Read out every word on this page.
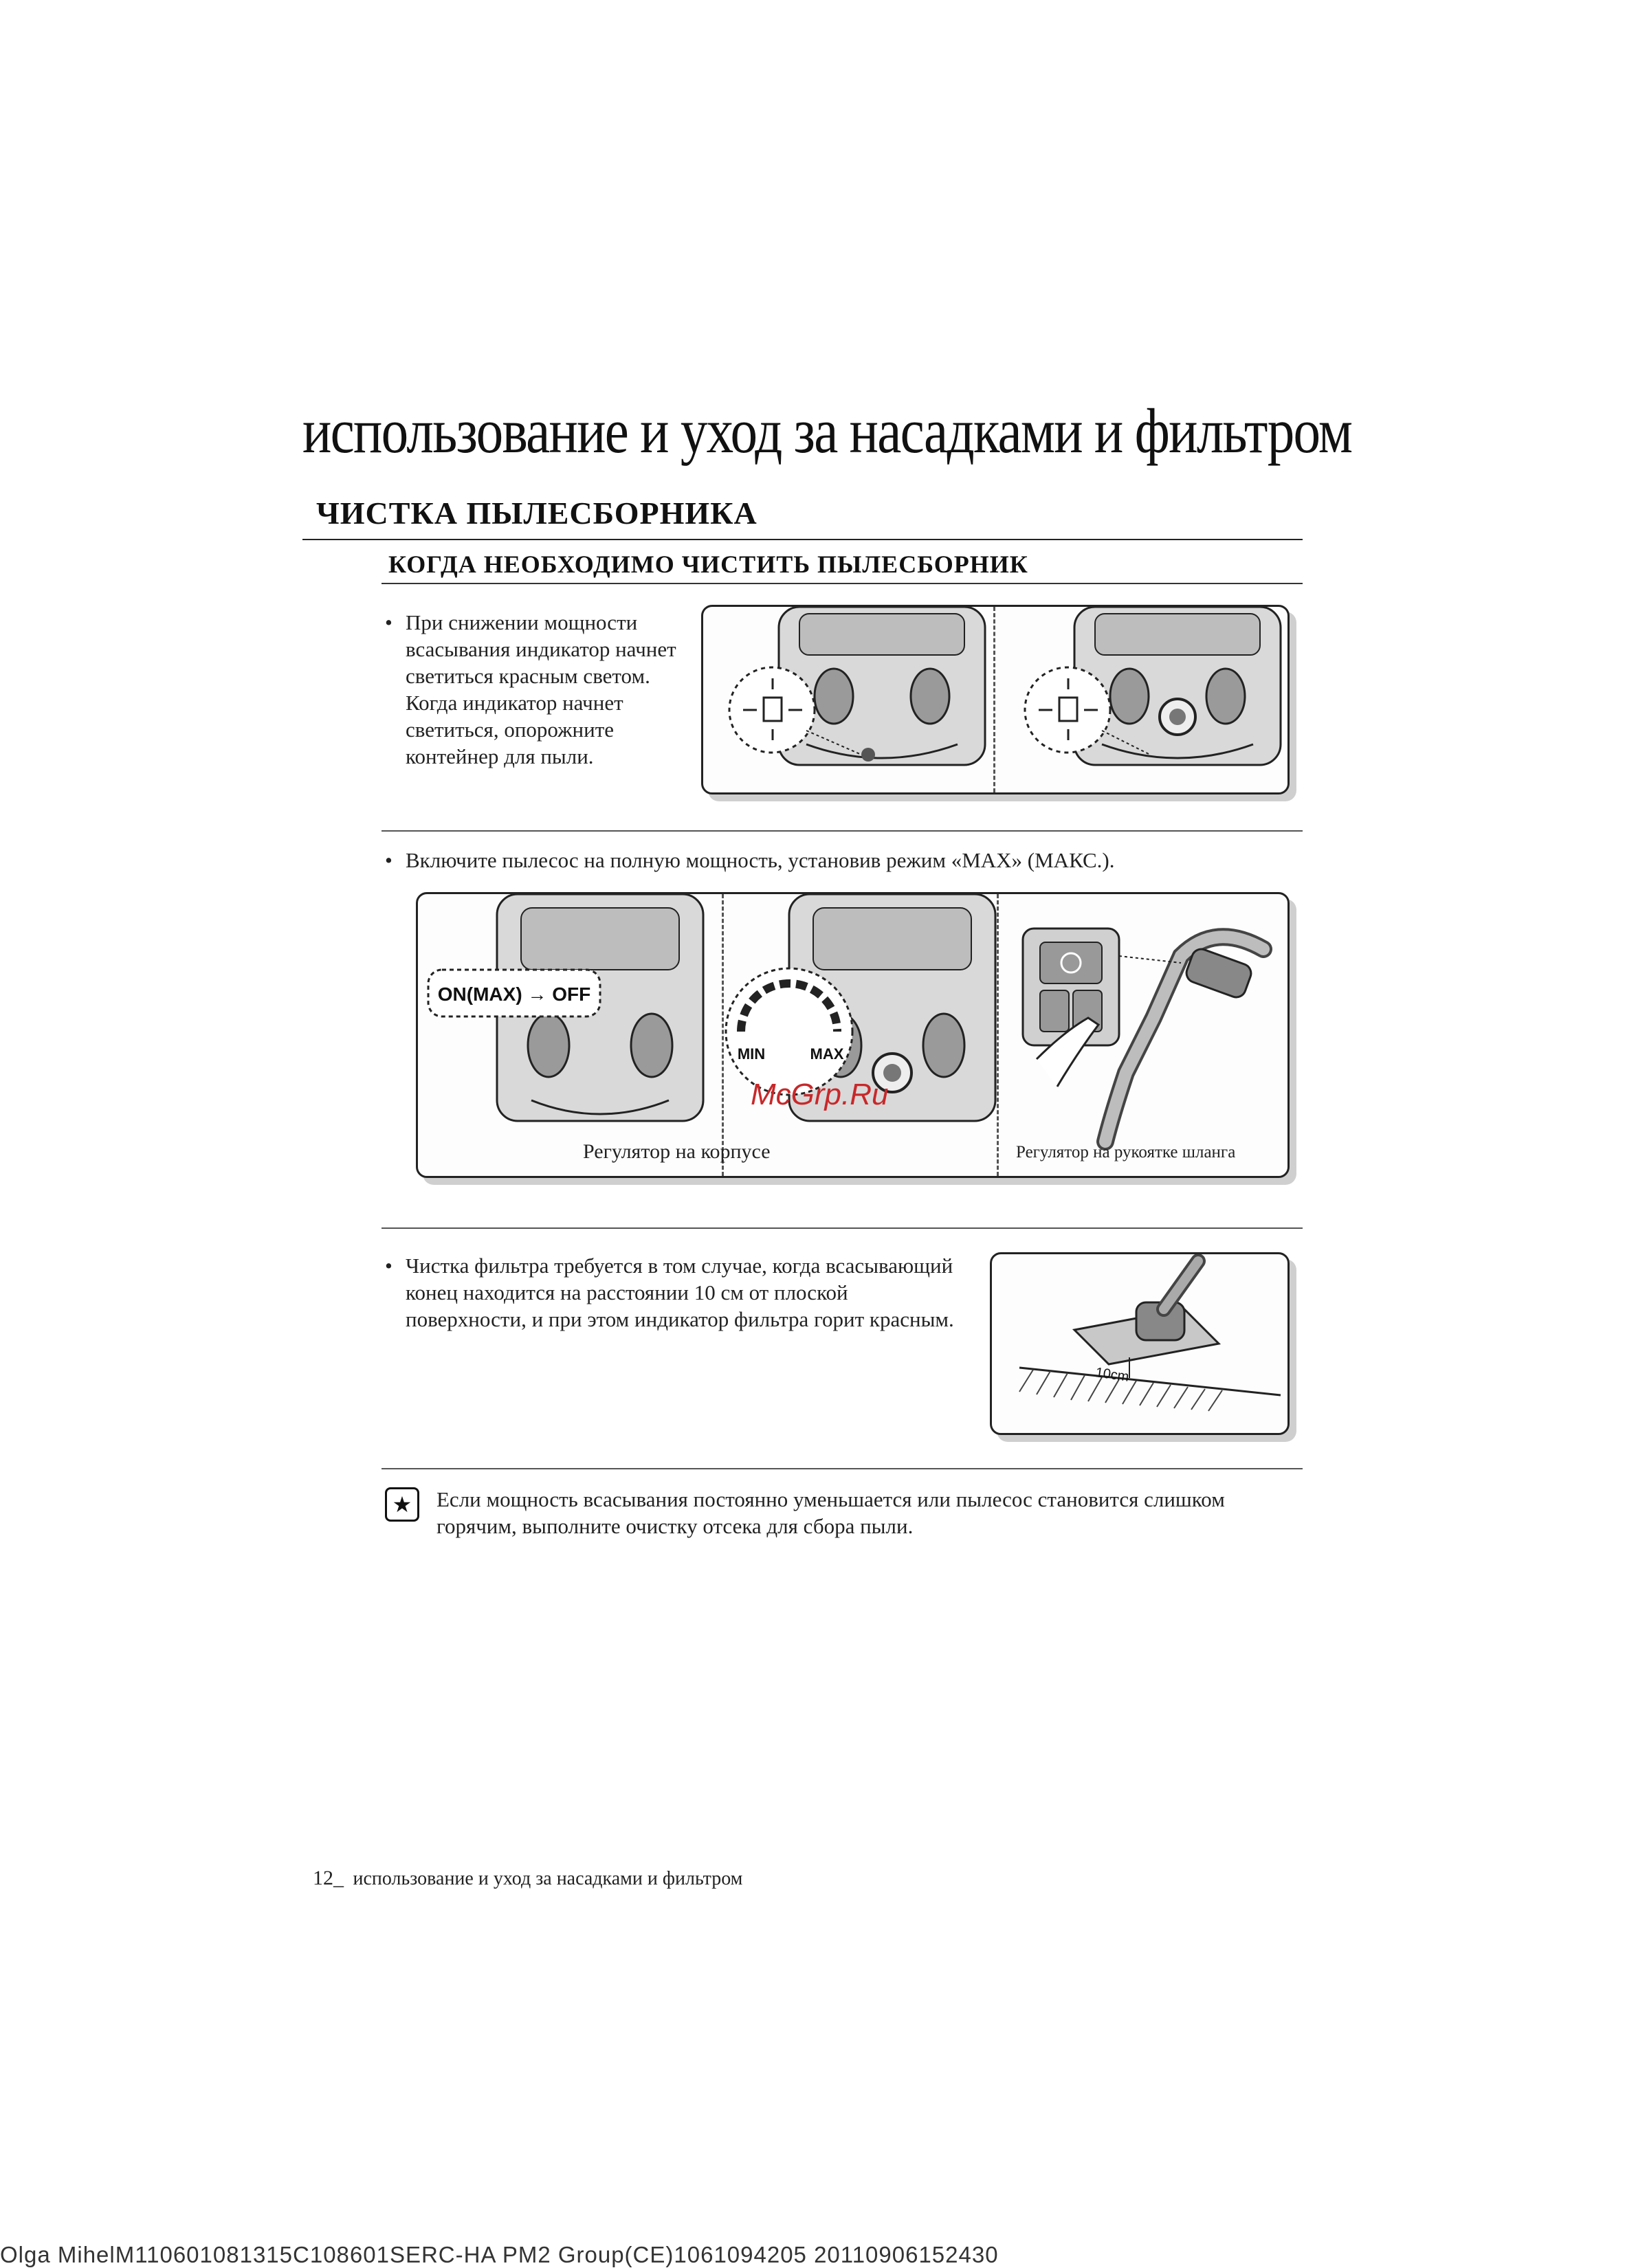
использование и уход за насадками и фильтром
ЧИСТКА ПЫЛЕСБОРНИКА
КОГДА НЕОБХОДИМО ЧИСТИТЬ ПЫЛЕСБОРНИК
• При снижении мощности всасывания индикатор начнет светиться красным светом. Когда индикатор начнет светиться, опорожните контейнер для пыли.
• Включите пылесос на полную мощность, установив режим «MAX» (МАКС.).
ON(MAX) → OFF
MIN	MAX
Регулятор на корпусе	Регулятор на рукоятке шланга
McGrp.Ru
• Чистка фильтра требуется в том случае, когда всасывающий конец находится на расстоянии 10 см от плоской поверхности, и при этом индикатор фильтра горит красным.
10cm
★	Если мощность всасывания постоянно уменьшается или пылесос становится слишком горячим, выполните очистку отсека для сбора пыли.
12_ использование и уход за насадками и фильтром
Olga MihelM110601081315C108601SERC-HA PM2 Group(CE)1061094205 20110906152430
